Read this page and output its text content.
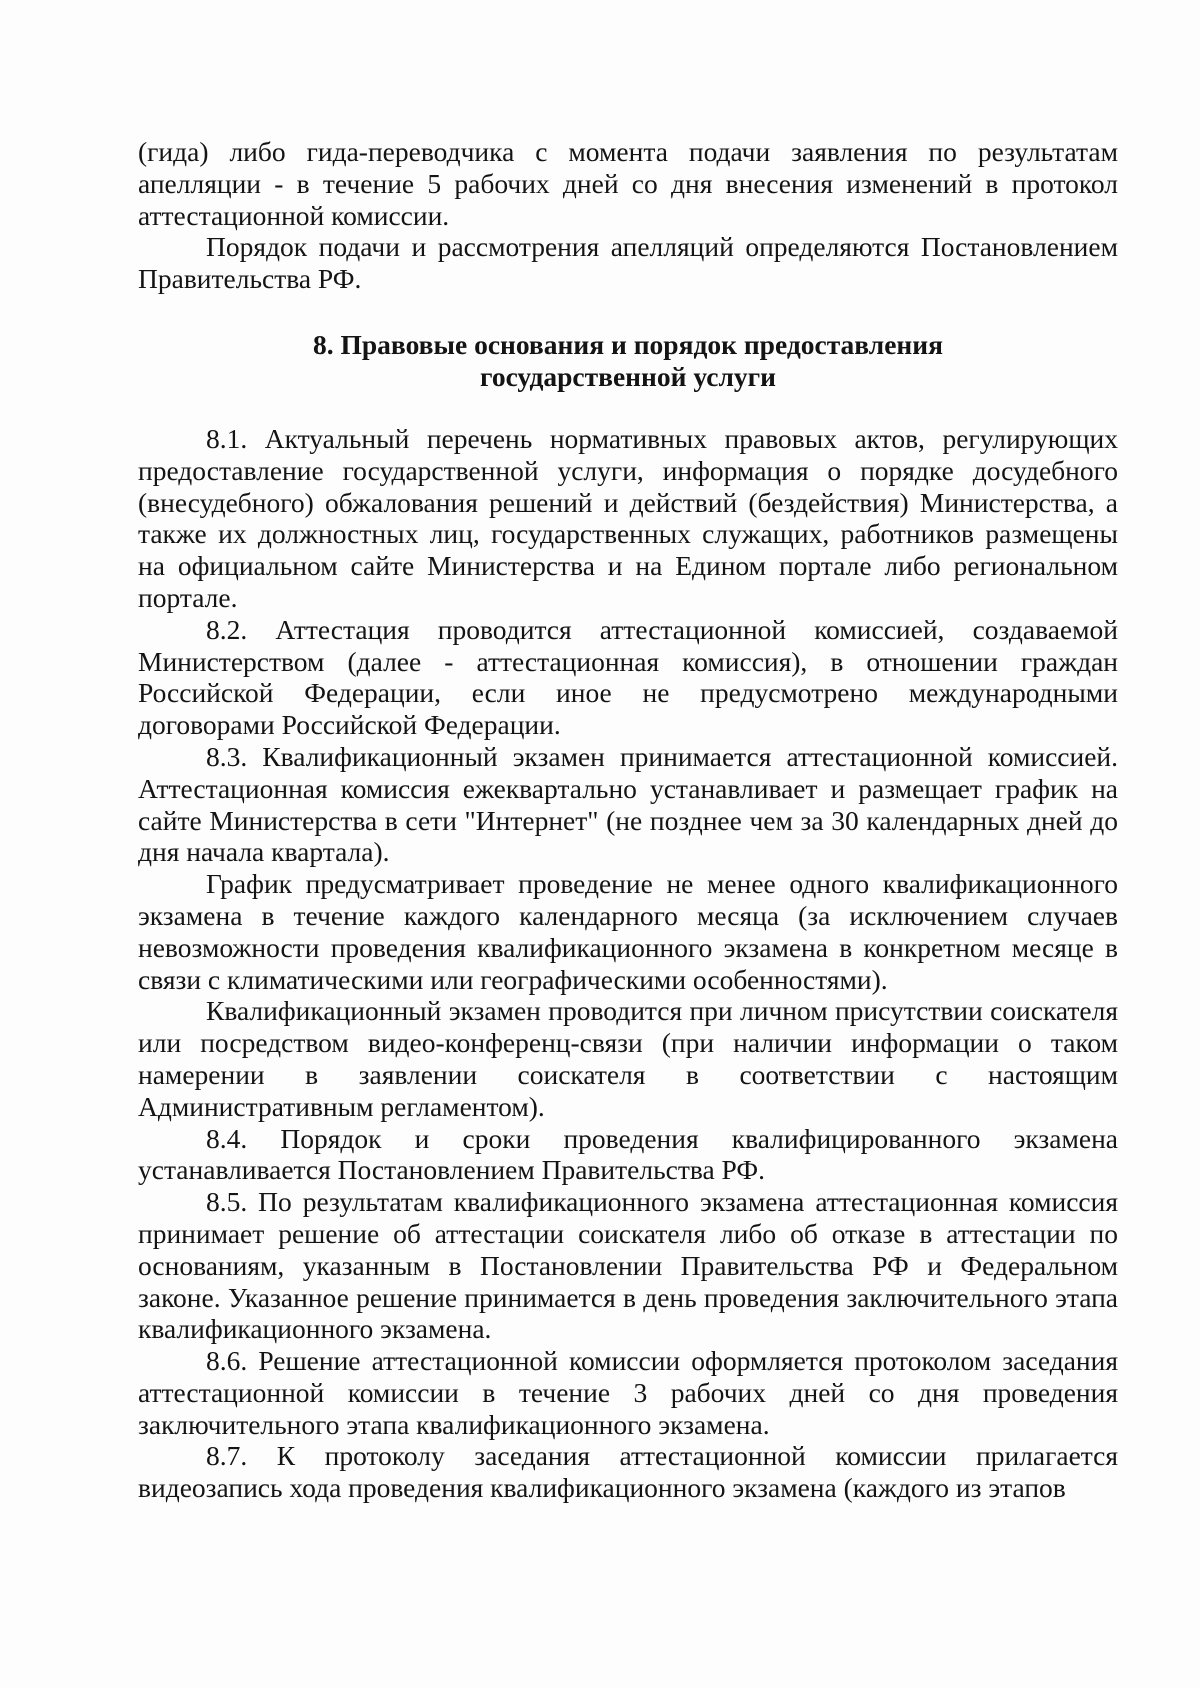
(гида) либо гида-переводчика с момента подачи заявления по результатам апелляции - в течение 5 рабочих дней со дня внесения изменений в протокол аттестационной комиссии.

Порядок подачи и рассмотрения апелляций определяются Постановлением Правительства РФ.

8. Правовые основания и порядок предоставления
государственной услуги

8.1. Актуальный перечень нормативных правовых актов, регулирующих предоставление государственной услуги, информация о порядке досудебного (внесудебного) обжалования решений и действий (бездействия) Министерства, а также их должностных лиц, государственных служащих, работников размещены на официальном сайте Министерства и на Едином портале либо региональном портале.

8.2. Аттестация проводится аттестационной комиссией, создаваемой Министерством (далее - аттестационная комиссия), в отношении граждан Российской Федерации, если иное не предусмотрено международными договорами Российской Федерации.

8.3. Квалификационный экзамен принимается аттестационной комиссией. Аттестационная комиссия ежеквартально устанавливает и размещает график на сайте Министерства в сети "Интернет" (не позднее чем за 30 календарных дней до дня начала квартала).

График предусматривает проведение не менее одного квалификационного экзамена в течение каждого календарного месяца (за исключением случаев невозможности проведения квалификационного экзамена в конкретном месяце в связи с климатическими или географическими особенностями).

Квалификационный экзамен проводится при личном присутствии соискателя или посредством видео-конференц-связи (при наличии информации о таком намерении в заявлении соискателя в соответствии с настоящим Административным регламентом).

8.4. Порядок и сроки проведения квалифицированного экзамена устанавливается Постановлением Правительства РФ.

8.5. По результатам квалификационного экзамена аттестационная комиссия принимает решение об аттестации соискателя либо об отказе в аттестации по основаниям, указанным в Постановлении Правительства РФ и Федеральном законе. Указанное решение принимается в день проведения заключительного этапа квалификационного экзамена.

8.6. Решение аттестационной комиссии оформляется протоколом заседания аттестационной комиссии в течение 3 рабочих дней со дня проведения заключительного этапа квалификационного экзамена.

8.7. К протоколу заседания аттестационной комиссии прилагается видеозапись хода проведения квалификационного экзамена (каждого из этапов
